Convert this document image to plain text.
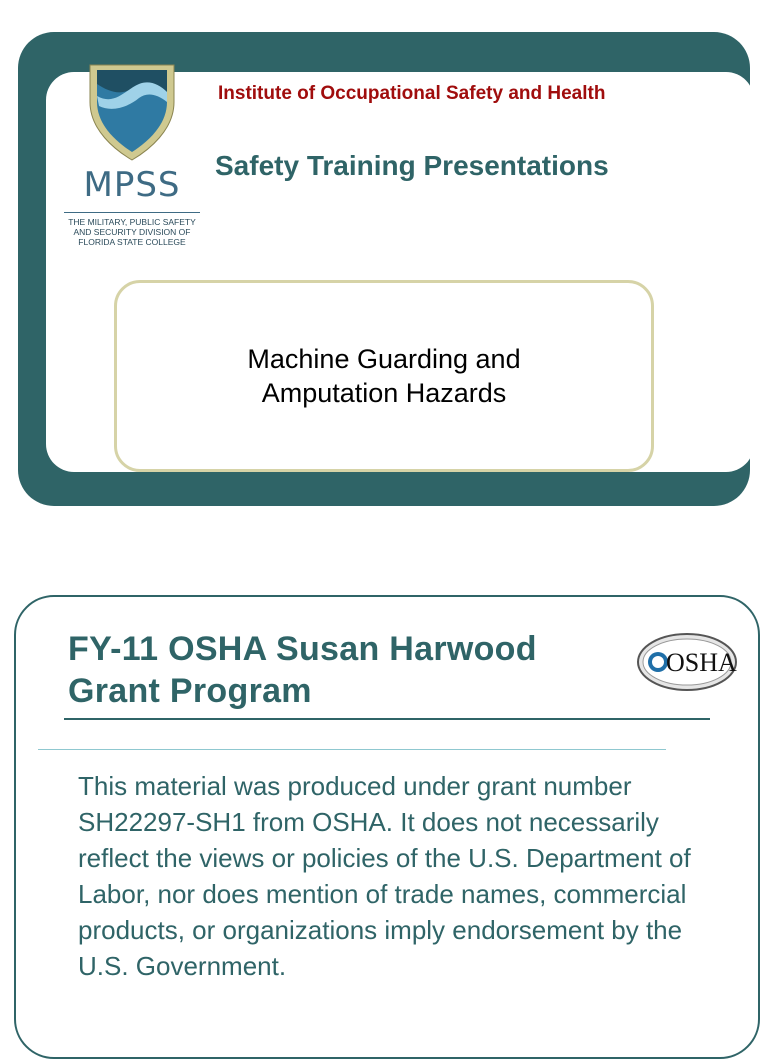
MPSS
THE MILITARY, PUBLIC SAFETY AND SECURITY DIVISION OF FLORIDA STATE COLLEGE
Institute of Occupational Safety and Health
Safety Training Presentations
Machine Guarding and
Amputation Hazards
FY-11 OSHA Susan Harwood Grant Program
OSHA
This material was produced under grant number SH22297-SH1 from OSHA. It does not necessarily reflect the views or policies of the U.S. Department of Labor, nor does mention of trade names, commercial products, or organizations imply endorsement by the U.S. Government.
